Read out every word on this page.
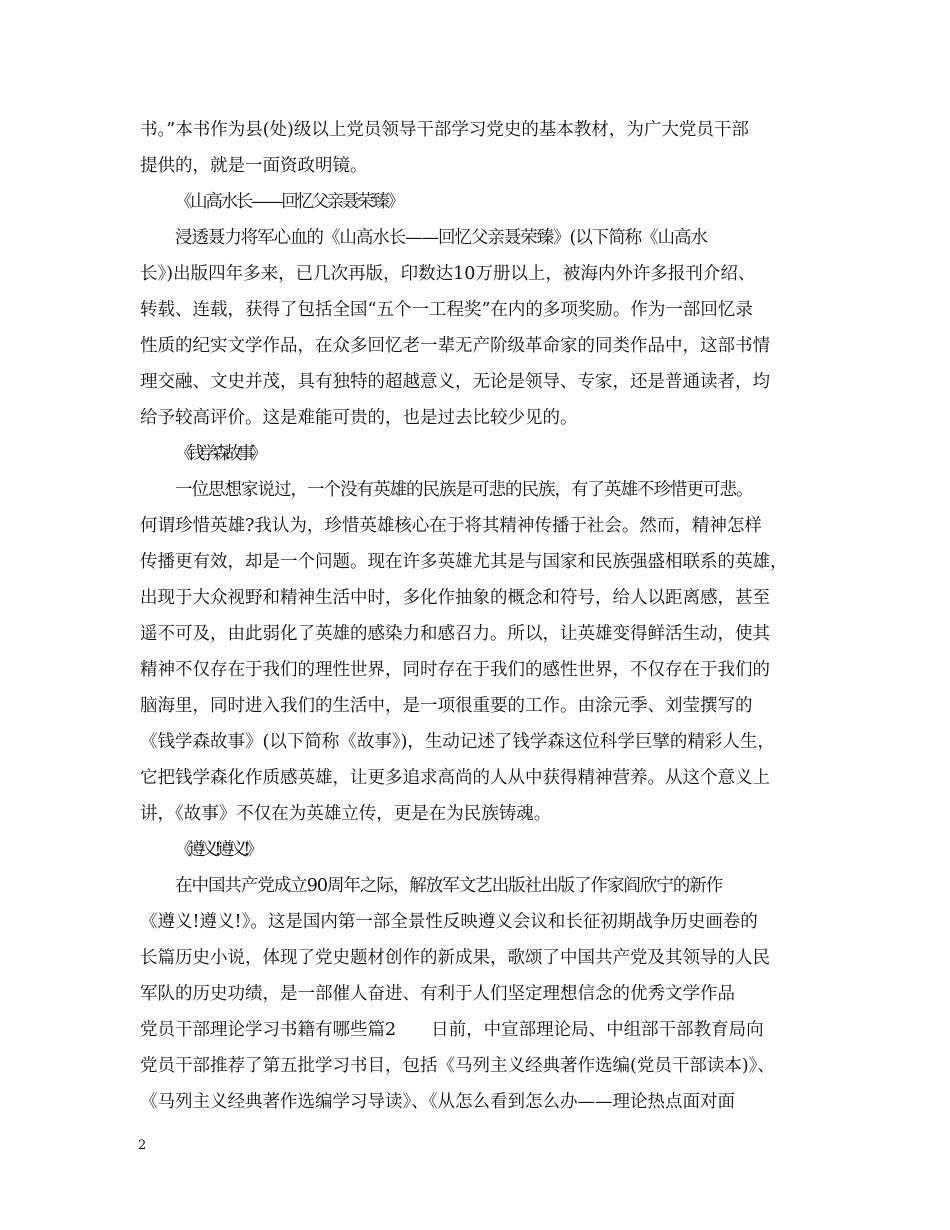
书。”本书作为县(处)级以上党员领导干部学习党史的基本教材，为广大党员干部
提供的，就是一面资政明镜。
《山高水长——回忆父亲聂荣臻》
浸透聂力将军心血的《山高水长——回忆父亲聂荣臻》(以下简称《山高水
长》)出版四年多来，已几次再版，印数达10万册以上，被海内外许多报刊介绍、
转载、连载，获得了包括全国“五个一工程奖”在内的多项奖励。作为一部回忆录
性质的纪实文学作品，在众多回忆老一辈无产阶级革命家的同类作品中，这部书情
理交融、文史并茂，具有独特的超越意义，无论是领导、专家，还是普通读者，均
给予较高评价。这是难能可贵的，也是过去比较少见的。
《钱学森故事》
一位思想家说过，一个没有英雄的民族是可悲的民族，有了英雄不珍惜更可悲。
何谓珍惜英雄?我认为，珍惜英雄核心在于将其精神传播于社会。然而，精神怎样
传播更有效，却是一个问题。现在许多英雄尤其是与国家和民族强盛相联系的英雄，
出现于大众视野和精神生活中时，多化作抽象的概念和符号，给人以距离感，甚至
遥不可及，由此弱化了英雄的感染力和感召力。所以，让英雄变得鲜活生动，使其
精神不仅存在于我们的理性世界，同时存在于我们的感性世界，不仅存在于我们的
脑海里，同时进入我们的生活中，是一项很重要的工作。由涂元季、刘莹撰写的
《钱学森故事》(以下简称《故事》)，生动记述了钱学森这位科学巨擘的精彩人生，
它把钱学森化作质感英雄，让更多追求高尚的人从中获得精神营养。从这个意义上
讲，《故事》不仅在为英雄立传，更是在为民族铸魂。
《遵义!遵义!》
在中国共产党成立90周年之际，解放军文艺出版社出版了作家阎欣宁的新作
《遵义!遵义!》。这是国内第一部全景性反映遵义会议和长征初期战争历史画卷的
长篇历史小说，体现了党史题材创作的新成果，歌颂了中国共产党及其领导的人民
军队的历史功绩，是一部催人奋进、有利于人们坚定理想信念的优秀文学作品
党员干部理论学习书籍有哪些篇2　　日前，中宣部理论局、中组部干部教育局向
党员干部推荐了第五批学习书目，包括《马列主义经典著作选编(党员干部读本)》、
《马列主义经典著作选编学习导读》、《从怎么看到怎么办——理论热点面对面
2
